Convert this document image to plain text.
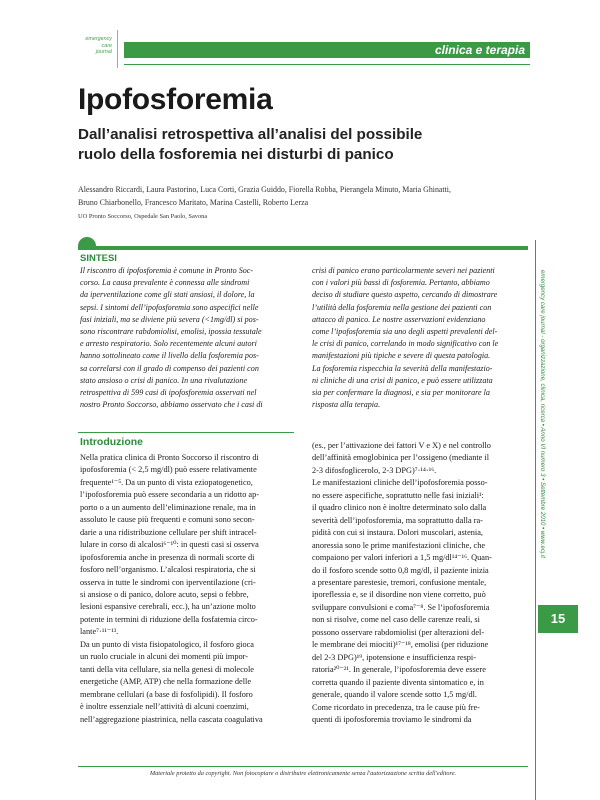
emergency
care
journal	clinica e terapia
Ipofosforemia
Dall’analisi retrospettiva all’analisi del possibile
ruolo della fosforemia nei disturbi di panico
Alessandro Riccardi, Laura Pastorino, Luca Corti, Grazia Guiddo, Fiorella Robba, Pierangela Minuto, Maria Ghinatti,
Bruno Chiarbonello, Francesco Maritato, Marina Castelli, Roberto Lerza
UO Pronto Soccorso, Ospedale San Paolo, Savona
SINTESI

Il riscontro di ipofosforemia è comune in Pronto Soc-

corso. La causa prevalente è connessa alle sindromi

da iperventilazione come gli stati ansiosi, il dolore, la

sepsi. I sintomi dell’ipofosforemia sono aspecifici nelle

fasi iniziali, ma se diviene più severa (<1mg/dl) si pos-

sono riscontrare rabdomiolisi, emolisi, ipossia tessutale

e arresto respiratorio. Solo recentemente alcuni autori

hanno sottolineato come il livello della fosforemia pos-

sa correlarsi con il grado di compenso dei pazienti con

stato ansioso o crisi di panico. In una rivalutazione

retrospettiva di 599 casi di ipofosforemia osservati nel

nostro Pronto Soccorso, abbiamo osservato che i casi di

crisi di panico erano particolarmente severi nei pazienti

con i valori più bassi di fosforemia. Pertanto, abbiamo

deciso di studiare questo aspetto, cercando di dimostrare

l’utilità della fosforemia nella gestione dei pazienti con

attacco di panico. Le nostre osservazioni evidenziano

come l’ipofosforemia sia uno degli aspetti prevalenti del-

le crisi di panico, correlando in modo significativo con le

manifestazioni più tipiche e severe di questa patologia.

La fosforemia rispecchia la severità della manifestazio-

ni cliniche di una crisi di panico, e può essere utilizzata

sia per confermare la diagnosi, e sia per monitorare la

risposta alla terapia.

Introduzione

Nella pratica clinica di Pronto Soccorso il riscontro di

ipofosforemia (< 2,5 mg/dl) può essere relativamente

frequente¹⁻⁵. Da un punto di vista eziopatogenetico,

l’ipofosforemia può essere secondaria a un ridotto ap-

porto o a un aumento dell’eliminazione renale, ma in

assoluto le cause più frequenti e comuni sono secon-

darie a una ridistribuzione cellulare per shift intracel-

lulare in corso di alcalosi⁶⁻¹⁰: in questi casi si osserva

ipofosforemia anche in presenza di normali scorte di

fosforo nell’organismo. L’alcalosi respiratoria, che si

osserva in tutte le sindromi con iperventilazione (cri-

si ansiose o di panico, dolore acuto, sepsi o febbre,

lesioni espansive cerebrali, ecc.), ha un’azione molto

potente in termini di riduzione della fosfatemia circo-

lante⁷⋅¹¹⁻¹³.

Da un punto di vista fisiopatologico, il fosforo gioca

un ruolo cruciale in alcuni dei momenti più impor-

tanti della vita cellulare, sia nella genesi di molecole

energetiche (AMP, ATP) che nella formazione delle

membrane cellulari (a base di fosfolipidi). Il fosforo

è inoltre essenziale nell’attività di alcuni coenzimi,

nell’aggregazione piastrinica, nella cascata coagulativa

(es., per l’attivazione dei fattori V e X) e nel controllo

dell’affinità emoglobinica per l’ossigeno (mediante il

2-3 difosfoglicerolo, 2-3 DPG)⁷⋅¹⁴⋅¹⁶.

Le manifestazioni cliniche dell’ipofosforemia posso-

no essere aspecifiche, soprattutto nelle fasi iniziali¹:

il quadro clinico non è inoltre determinato solo dalla

severità dell’ipofosforemia, ma soprattutto dalla ra-

pidità con cui si instaura. Dolori muscolari, astenia,

anoressia sono le prime manifestazioni cliniche, che

compaiono per valori inferiori a 1,5 mg/dl¹⁴⁻¹⁶. Quan-

do il fosforo scende sotto 0,8 mg/dl, il paziente inizia

a presentare parestesie, tremori, confusione mentale,

iporeflessia e, se il disordine non viene corretto, può

sviluppare convulsioni e coma⁷⁻⁸. Se l’ipofosforemia

non si risolve, come nel caso delle carenze reali, si

possono osservare rabdomiolisi (per alterazioni del-

le membrane dei miociti)¹⁷⁻¹⁸, emolisi (per riduzione

del 2-3 DPG)¹⁹, ipotensione e insufficienza respi-

ratoria²⁰⁻²¹. In generale, l’ipofosforemia deve essere

corretta quando il paziente diventa sintomatico e, in

generale, quando il valore scende sotto 1,5 mg/dl.

Come ricordato in precedenza, tra le cause più fre-

quenti di ipofosforemia troviamo le sindromi da

emergency care journal - organizzazione, clinica, ricerca • Anno VI numero 3 • Settembre 2010 • www.ecj.it
15
Materiale protetto da copyright. Non fotocopiare o distribuire elettronicamente senza l'autorizzazione scritta dell'editore.
